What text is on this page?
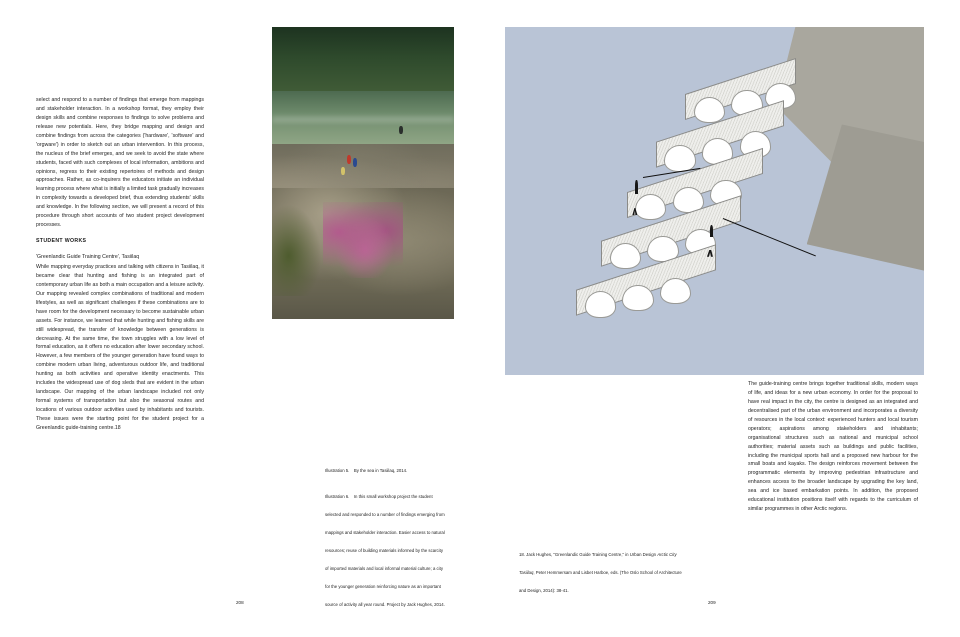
select and respond to a number of findings that emerge from mappings and stakeholder interaction. In a workshop format, they employ their design skills and combine responses to findings to solve problems and release new potentials. Here, they bridge mapping and design and combine findings from across the categories ('hardware', 'software' and 'orgware') in order to sketch out an urban intervention. In this process, the nucleus of the brief emerges, and we seek to avoid the state where students, faced with such complexes of local information, ambitions and opinions, regress to their existing repertoires of methods and design approaches. Rather, as co-inquirers the educators initiate an individual learning process where what is initially a limited task gradually increases in complexity towards a developed brief, thus extending students' skills and knowledge. In the following section, we will present a record of this procedure through short accounts of two student project development processes.

STUDENT WORKS
'Greenlandic Guide Training Centre', Tasiilaq

While mapping everyday practices and talking with citizens in Tasiilaq, it became clear that hunting and fishing is an integrated part of contemporary urban life as both a main occupation and a leisure activity. Our mapping revealed complex combinations of traditional and modern lifestyles, as well as significant challenges if these combinations are to have room for the development necessary to become sustainable urban assets. For instance, we learned that while hunting and fishing skills are still widespread, the transfer of knowledge between generations is decreasing. At the same time, the town struggles with a low level of formal education, as it offers no education after lower secondary school. However, a few members of the younger generation have found ways to combine modern urban living, adventurous outdoor life, and traditional hunting as both activities and operative identity enactments. This includes the widespread use of dog sleds that are evident in the urban landscape. Our mapping of the urban landscape included not only formal systems of transportation but also the seasonal routes and locations of various outdoor activities used by inhabitants and tourists. These issues were the starting point for the student project for a Greenlandic guide-training centre.18

208
Illustration 5. By the sea in Tasiilaq, 2014.
Illustration 6. In this small workshop project the student selected and responded to a number of findings emerging from mappings and stakeholder interaction. Easier access to natural resources; reuse of building materials informed by the scarcity of imported materials and local informal material culture; a city for the younger generation reinforcing nature as an important source of activity all year round. Project by Jack Hughes, 2014.

The guide-training centre brings together traditional skills, modern ways of life, and ideas for a new urban economy. In order for the proposal to have real impact in the city, the centre is designed as an integrated and decentralised part of the urban environment and incorporates a diversity of resources in the local context: experienced hunters and local tourism operators; aspirations among stakeholders and inhabitants; organisational structures such as national and municipal school authorities; material assets such as buildings and public facilities, including the municipal sports hall and a proposed new harbour for the small boats and kayaks. The design reinforces movement between the programmatic elements by improving pedestrian infrastructure and enhances access to the broader landscape by upgrading the key land, sea and ice based embarkation points. In addition, the proposed educational institution positions itself with regards to the curriculum of similar programmes in other Arctic regions.

18. Jack Hughes, "Greenlandic Guide Training Centre," in Urban Design Arctic City Tasiilaq, Peter Hemmersam and Lisbet Harboe, eds. (The Oslo School of Architecture and Design, 2014): 38-41.
209
